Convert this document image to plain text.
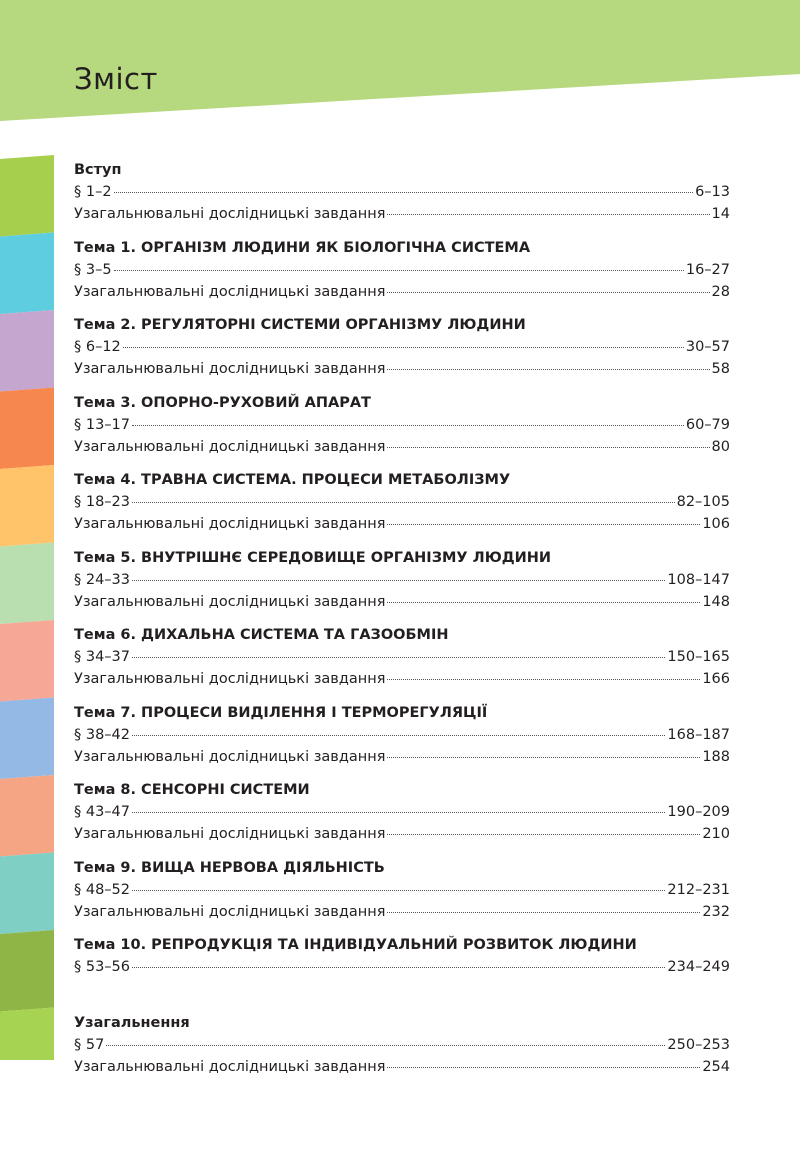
Зміст
Вступ
§ 1–2	6–13
Узагальнювальні дослідницькі завдання	14
Тема 1. ОРГАНІЗМ ЛЮДИНИ ЯК БІОЛОГІЧНА СИСТЕМА
§ 3–5	16–27
Узагальнювальні дослідницькі завдання	28
Тема 2. РЕГУЛЯТОРНІ СИСТЕМИ ОРГАНІЗМУ ЛЮДИНИ
§ 6–12	30–57
Узагальнювальні дослідницькі завдання	58
Тема 3. ОПОРНО-РУХОВИЙ АПАРАТ
§ 13–17	60–79
Узагальнювальні дослідницькі завдання	80
Тема 4. ТРАВНА СИСТЕМА. ПРОЦЕСИ МЕТАБОЛІЗМУ
§ 18–23	82–105
Узагальнювальні дослідницькі завдання	106
Тема 5. ВНУТРІШНЄ СЕРЕДОВИЩЕ ОРГАНІЗМУ ЛЮДИНИ
§ 24–33	108–147
Узагальнювальні дослідницькі завдання	148
Тема 6. ДИХАЛЬНА СИСТЕМА ТА ГАЗООБМІН
§ 34–37	150–165
Узагальнювальні дослідницькі завдання	166
Тема 7. ПРОЦЕСИ ВИДІЛЕННЯ І ТЕРМОРЕГУЛЯЦІЇ
§ 38–42	168–187
Узагальнювальні дослідницькі завдання	188
Тема 8. СЕНСОРНІ СИСТЕМИ
§ 43–47	190–209
Узагальнювальні дослідницькі завдання	210
Тема 9. ВИЩА НЕРВОВА ДІЯЛЬНІСТЬ
§ 48–52	212–231
Узагальнювальні дослідницькі завдання	232
Тема 10. РЕПРОДУКЦІЯ ТА ІНДИВІДУАЛЬНИЙ РОЗВИТОК ЛЮДИНИ
§ 53–56	234–249
Узагальнення
§ 57	250–253
Узагальнювальні дослідницькі завдання	254
